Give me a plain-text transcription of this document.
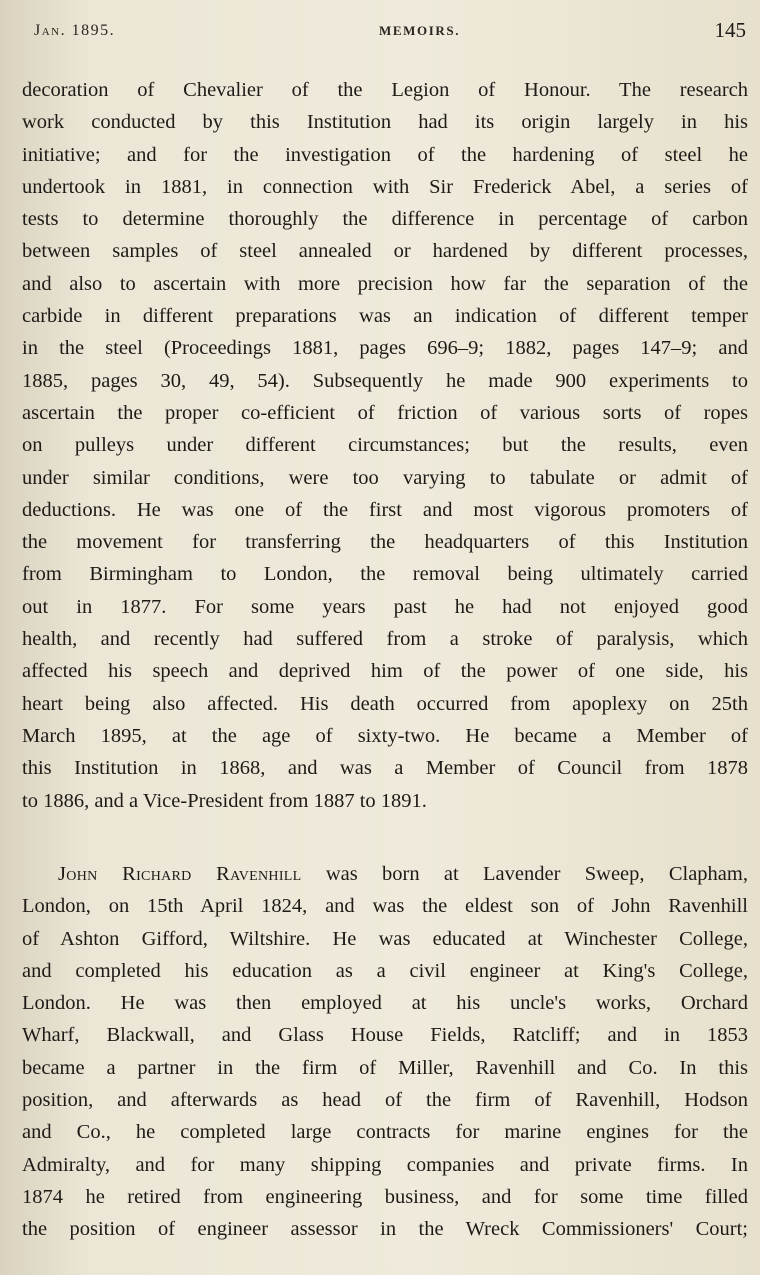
Jan. 1895.	MEMOIRS.	145
decoration of Chevalier of the Legion of Honour. The research
work conducted by this Institution had its origin largely in his
initiative; and for the investigation of the hardening of steel he
undertook in 1881, in connection with Sir Frederick Abel, a series of
tests to determine thoroughly the difference in percentage of carbon
between samples of steel annealed or hardened by different processes,
and also to ascertain with more precision how far the separation of the
carbide in different preparations was an indication of different temper
in the steel (Proceedings 1881, pages 696–9; 1882, pages 147–9; and
1885, pages 30, 49, 54). Subsequently he made 900 experiments to
ascertain the proper co-efficient of friction of various sorts of ropes
on pulleys under different circumstances; but the results, even
under similar conditions, were too varying to tabulate or admit of
deductions. He was one of the first and most vigorous promoters of
the movement for transferring the headquarters of this Institution
from Birmingham to London, the removal being ultimately carried
out in 1877. For some years past he had not enjoyed good
health, and recently had suffered from a stroke of paralysis, which
affected his speech and deprived him of the power of one side, his
heart being also affected. His death occurred from apoplexy on 25th
March 1895, at the age of sixty-two. He became a Member of
this Institution in 1868, and was a Member of Council from 1878
to 1886, and a Vice-President from 1887 to 1891.
John Richard Ravenhill was born at Lavender Sweep, Clapham,
London, on 15th April 1824, and was the eldest son of John Ravenhill
of Ashton Gifford, Wiltshire. He was educated at Winchester College,
and completed his education as a civil engineer at King's College,
London. He was then employed at his uncle's works, Orchard
Wharf, Blackwall, and Glass House Fields, Ratcliff; and in 1853
became a partner in the firm of Miller, Ravenhill and Co. In this
position, and afterwards as head of the firm of Ravenhill, Hodson
and Co., he completed large contracts for marine engines for the
Admiralty, and for many shipping companies and private firms. In
1874 he retired from engineering business, and for some time filled
the position of engineer assessor in the Wreck Commissioners' Court;
